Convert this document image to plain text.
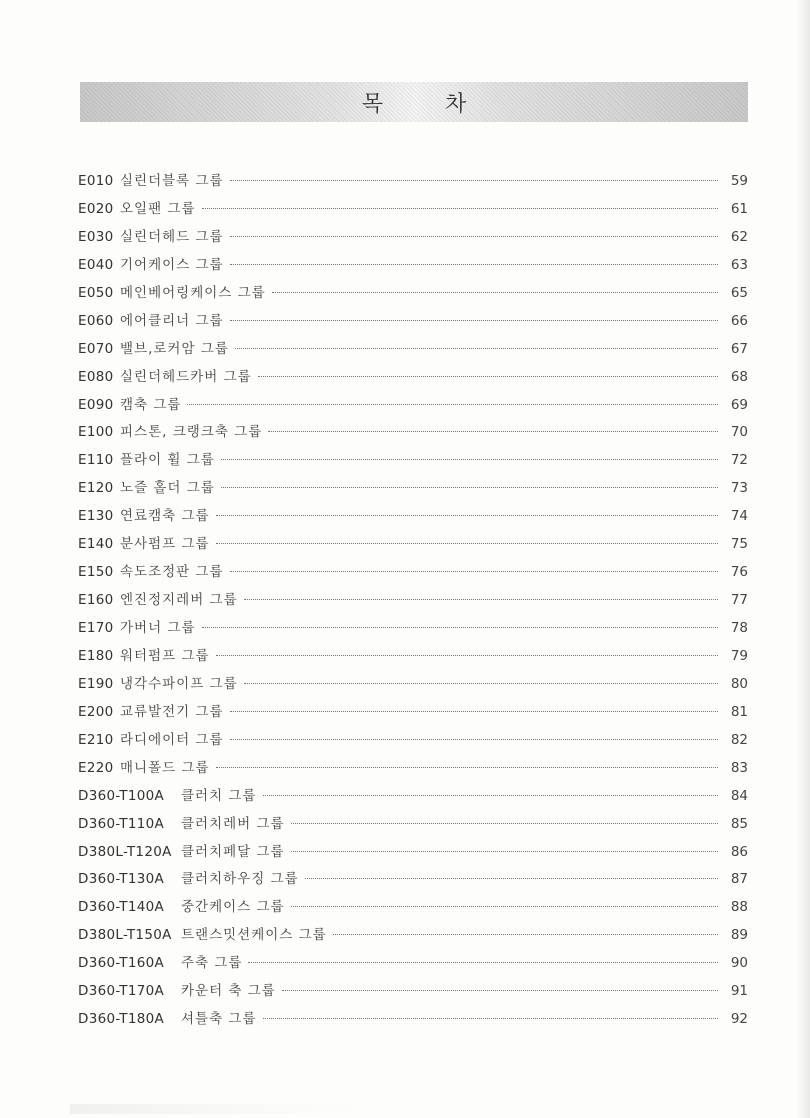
목	차
E010 실린더블록 그룹	59
E020 오일팬 그룹	61
E030 실린더헤드 그룹	62
E040 기어케이스 그룹	63
E050 메인베어링케이스 그룹	65
E060 에어클리너 그룹	66
E070 밸브,로커암 그룹	67
E080 실린더헤드카버 그룹	68
E090 캠축 그룹	69
E100 피스톤, 크랭크축 그룹	70
E110 플라이 휠 그룹	72
E120 노즐 홀더 그룹	73
E130 연료캠축 그룹	74
E140 분사펌프 그룹	75
E150 속도조정판 그룹	76
E160 엔진정지레버 그룹	77
E170 가버너 그룹	78
E180 워터펌프 그룹	79
E190 냉각수파이프 그룹	80
E200 교류발전기 그룹	81
E210 라디에이터 그룹	82
E220 매니폴드 그룹	83
D360-T100A	클러치 그룹	84
D360-T110A	클러치레버 그룹	85
D380L-T120A 클러치페달 그룹	86
D360-T130A	클러치하우징 그룹	87
D360-T140A	중간케이스 그룹	88
D380L-T150A 트랜스밋션케이스 그룹	89
D360-T160A	주축 그룹	90
D360-T170A	카운터 축 그룹	91
D360-T180A	셔틀축 그룹	92
